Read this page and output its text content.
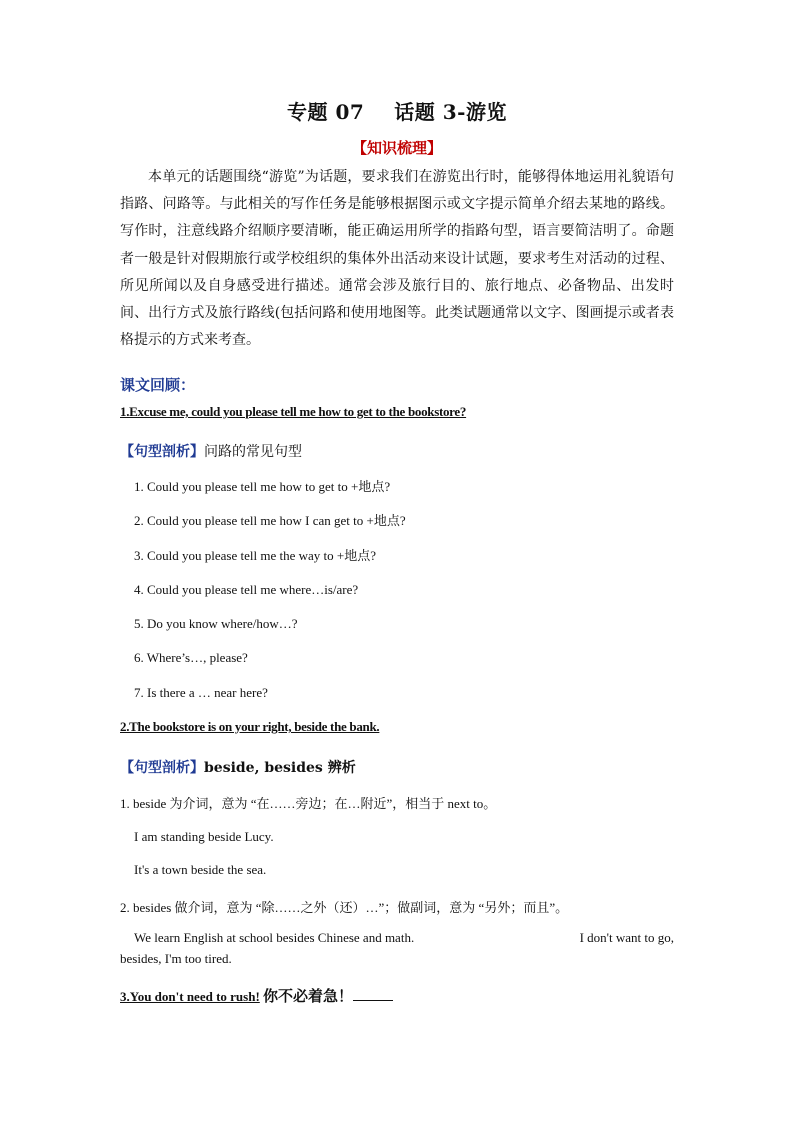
专题 07 话题 3-游览
【知识梳理】
本单元的话题围绕“游览”为话题，要求我们在游览出行时，能够得体地运用礼貌语句指路、问路等。与此相关的写作任务是能够根据图示或文字提示简单介绍去某地的路线。写作时，注意线路介绍顺序要清晰，能正确运用所学的指路句型，语言要简洁明了。命题者一般是针对假期旅行或学校组织的集体外出活动来设计试题，要求考生对活动的过程、所见所闻以及自身感受进行描述。通常会涉及旅行目的、旅行地点、必备物品、出发时间、出行方式及旅行路线(包括问路和使用地图等。此类试题通常以文字、图画提示或者表格提示的方式来考查。
课文回顾：
1.Excuse me, could you please tell me how to get to the bookstore?
【句型剖析】问路的常见句型
1. Could you please tell me how to get to +地点?
2. Could you please tell me how I can get to +地点?
3. Could you please tell me the way to +地点?
4. Could you please tell me where…is/are?
5. Do you know where/how…?
6. Where’s…, please?
7. Is there a … near here?
2.The bookstore is on your right, beside the bank.
【句型剖析】beside, besides 辨析
1. beside 为介词，意为 “在……旁边；在…附近”，相当于 next to。
I am standing beside Lucy.
It's a town beside the sea.
2. besides 做介词，意为 “除……之外（还）…”；做副词，意为 “另外；而且”。
We learn English at school besides Chinese and math.	I don't want to go,
besides, I'm too tired.
3.You don't need to rush! 你不必着急！
